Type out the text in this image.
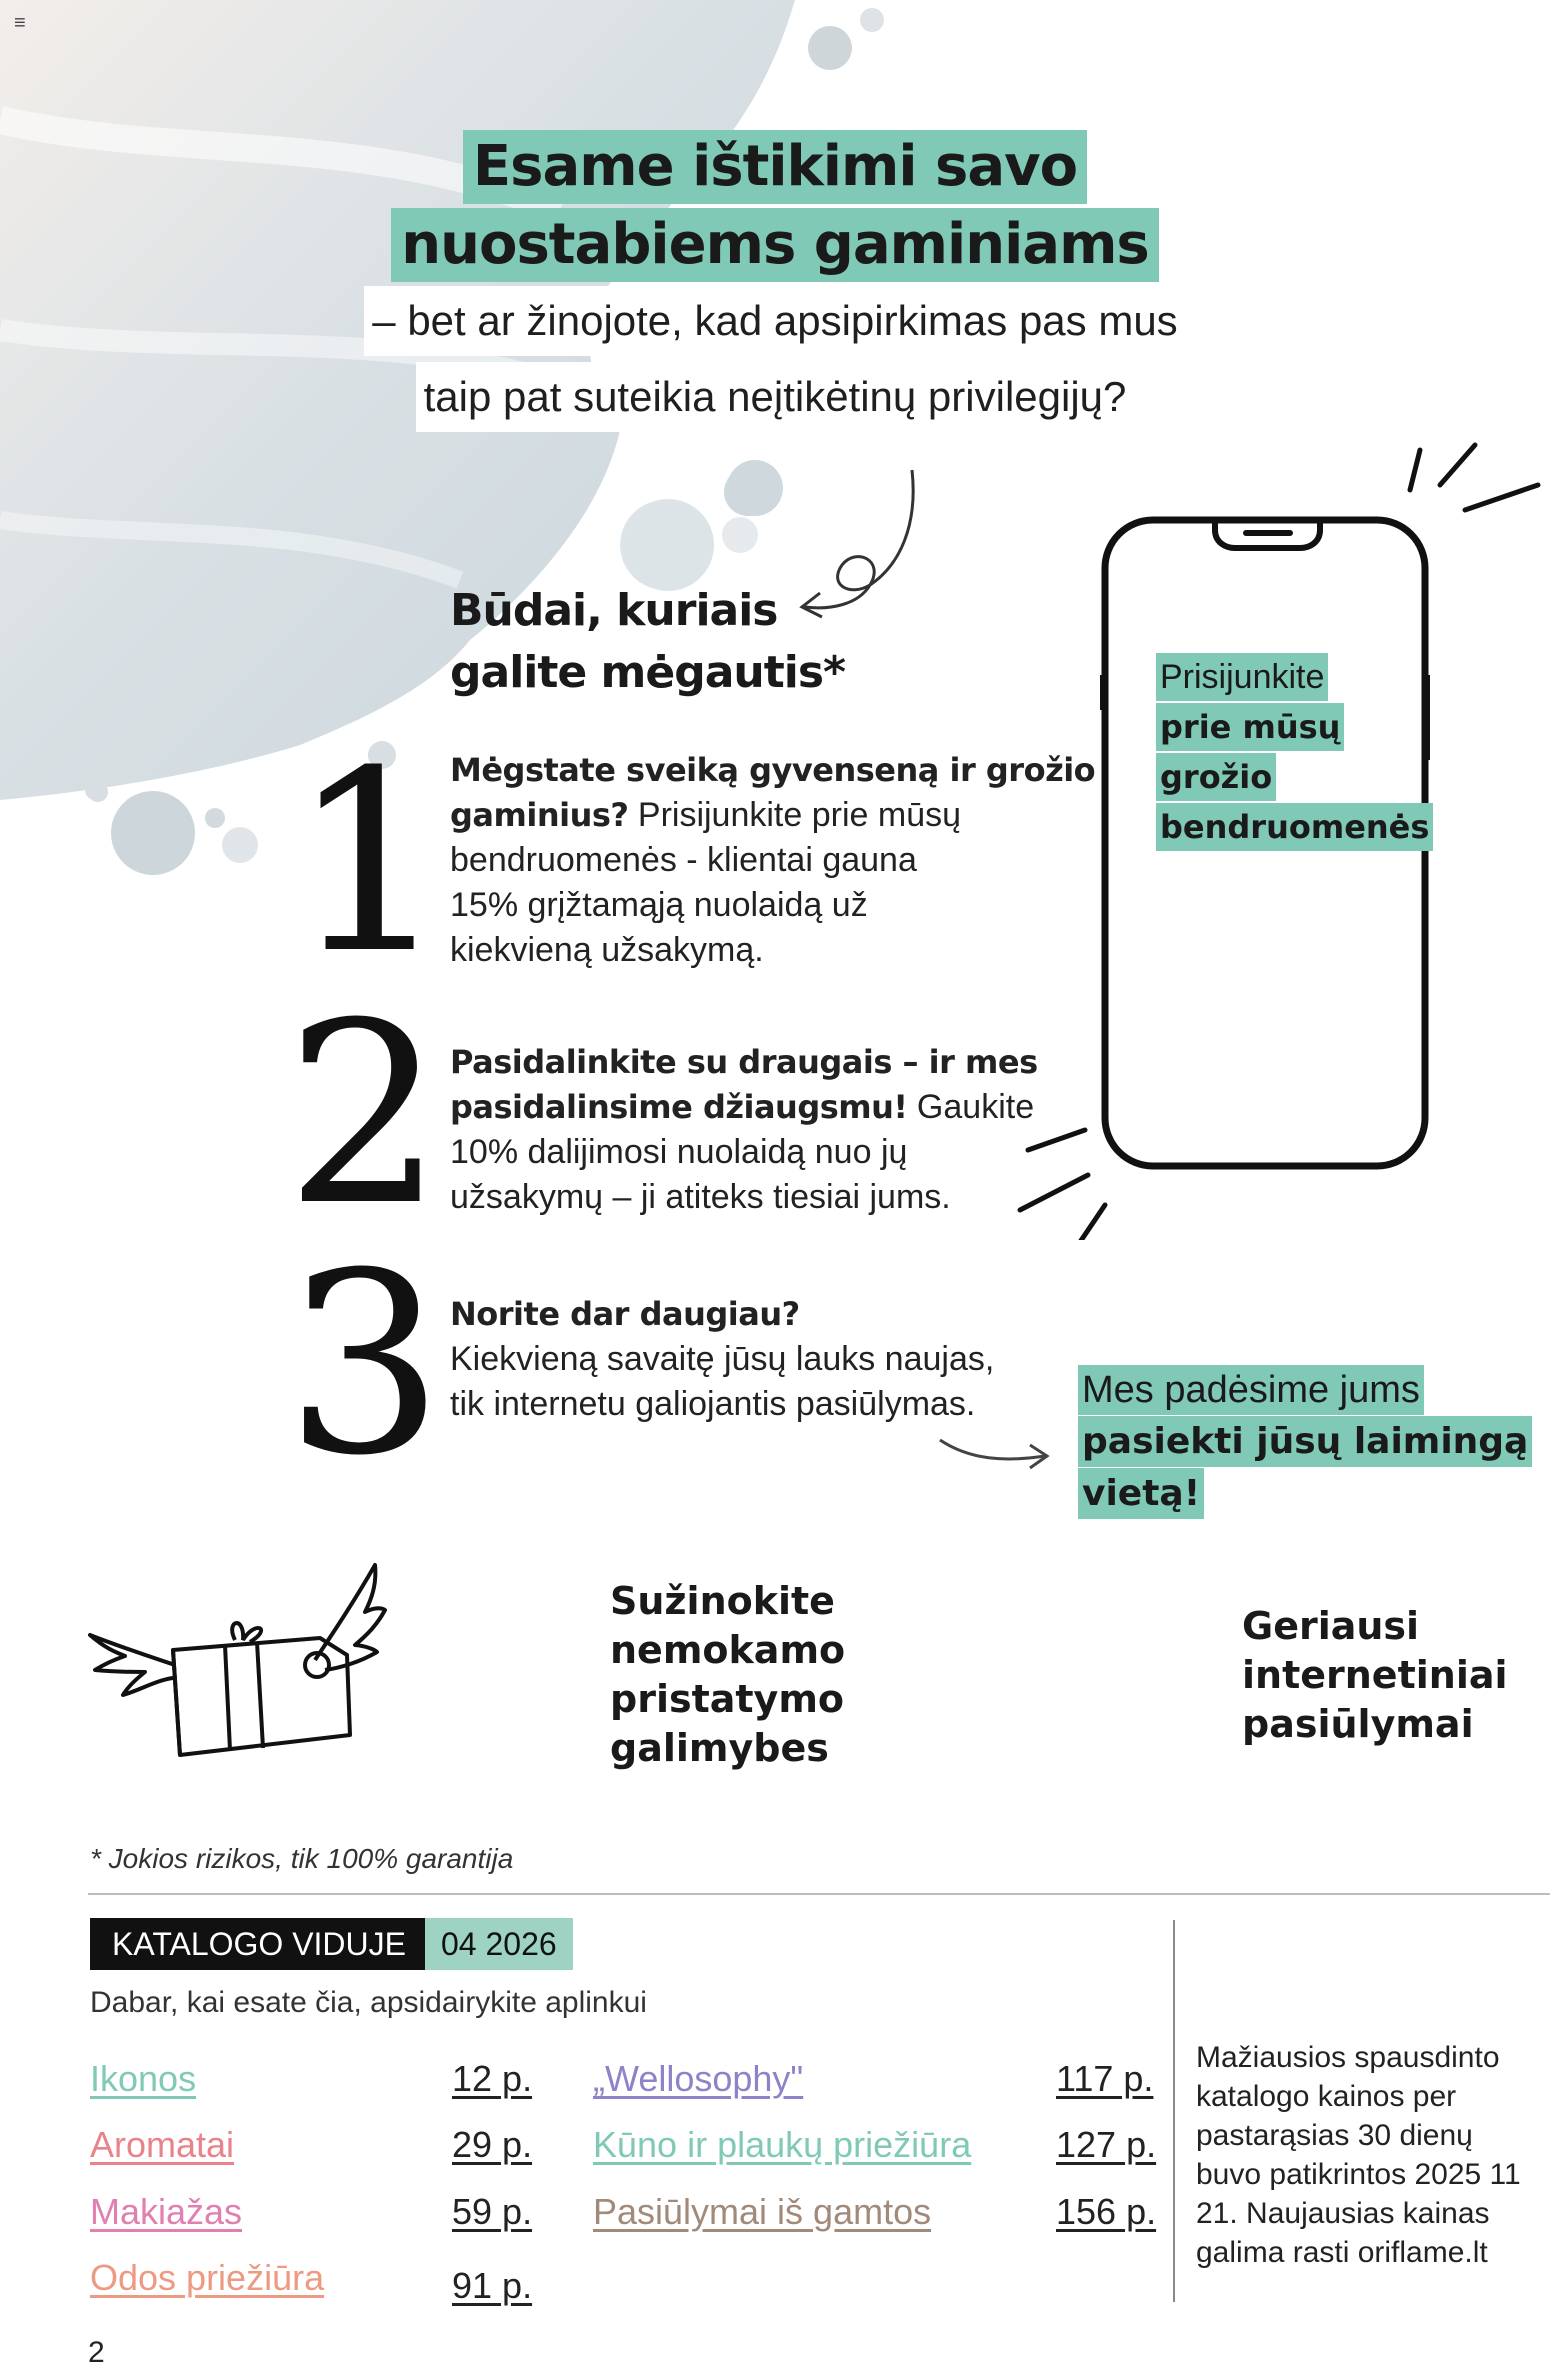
≡
Esame ištikimi savo
nuostabiems gaminiams
– bet ar žinojote, kad apsipirkimas pas mus
taip pat suteikia neįtikėtinų privilegijų?
Būdai, kuriais
galite mėgautis*
1 Mėgstate sveiką gyvenseną ir grožio
gaminius? Prisijunkite prie mūsų
bendruomenės - klientai gauna
15% grįžtamąją nuolaidą už
kiekvieną užsakymą.
2 Pasidalinkite su draugais – ir mes
pasidalinsime džiaugsmu! Gaukite
10% dalijimosi nuolaidą nuo jų
užsakymų – ji atiteks tiesiai jums.
3 Norite dar daugiau?
Kiekvieną savaitę jūsų lauks naujas,
tik internetu galiojantis pasiūlymas.
Prisijunkite
prie mūsų
grožio
bendruomenės
Mes padėsime jums
pasiekti jūsų laimingą
vietą!
Sužinokite
nemokamo
pristatymo
galimybes
Geriausi
internetiniai
pasiūlymai
* Jokios rizikos, tik 100% garantija
KATALOGO VIDUJE	04 2026
Dabar, kai esate čia, apsidairykite aplinkui
Ikonos	12 p.
Aromatai	29 p.
Makiažas	59 p.
Odos priežiūra	91 p.
„Wellosophy"	117 p.
Kūno ir plaukų priežiūra 127 p.
Pasiūlymai iš gamtos	156 p.
Mažiausios spausdinto katalogo kainos per pastarąsias 30 dienų buvo patikrintos 2025 11 21. Naujausias kainas galima rasti oriflame.lt
2
